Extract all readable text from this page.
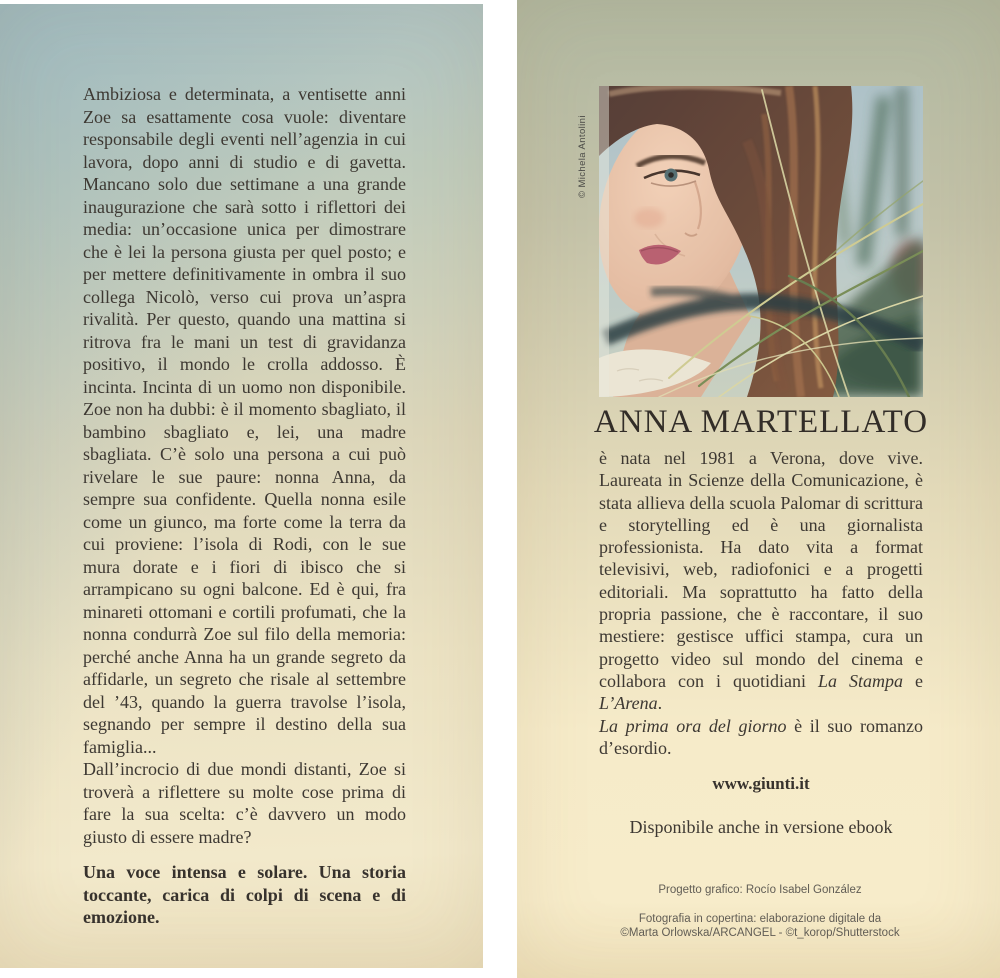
Ambiziosa e determinata, a ventisette anni Zoe sa esattamente cosa vuole: diventare responsabile degli eventi nell’agenzia in cui lavora, dopo anni di studio e di gavetta. Mancano solo due settimane a una grande inaugurazione che sarà sotto i riflettori dei media: un’occasione unica per dimostrare che è lei la persona giusta per quel posto; e per mettere definitivamente in ombra il suo collega Nicolò, verso cui prova un’aspra rivalità. Per questo, quando una mattina si ritrova fra le mani un test di gravidanza positivo, il mondo le crolla addosso. È incinta. Incinta di un uomo non disponibile. Zoe non ha dubbi: è il momento sbagliato, il bambino sbagliato e, lei, una madre sbagliata. C’è solo una persona a cui può rivelare le sue paure: nonna Anna, da sempre sua confidente. Quella nonna esile come un giunco, ma forte come la terra da cui proviene: l’isola di Rodi, con le sue mura dorate e i fiori di ibisco che si arrampicano su ogni balcone. Ed è qui, fra minareti ottomani e cortili profumati, che la nonna condurrà Zoe sul filo della memoria: perché anche Anna ha un grande segreto da affidarle, un segreto che risale al settembre del ’43, quando la guerra travolse l’isola, segnando per sempre il destino della sua famiglia...

Dall’incrocio di due mondi distanti, Zoe si troverà a riflettere su molte cose prima di fare la sua scelta: c’è davvero un modo giusto di essere madre?

Una voce intensa e solare. Una storia toccante, carica di colpi di scena e di emozione.

© Michela Antolini
ANNA MARTELLATO

è nata nel 1981 a Verona, dove vive. Laureata in Scienze della Comunicazione, è stata allieva della scuola Palomar di scrittura e storytelling ed è una giornalista professionista. Ha dato vita a format televisivi, web, radiofonici e a progetti editoriali. Ma soprattutto ha fatto della propria passione, che è raccontare, il suo mestiere: gestisce uffici stampa, cura un progetto video sul mondo del cinema e collabora con i quotidiani La Stampa e L’Arena.
La prima ora del giorno è il suo romanzo d’esordio.

www.giunti.it
Disponibile anche in versione ebook

Progetto grafico: Rocío Isabel González

Fotografia in copertina: elaborazione digitale da

©Marta Orlowska/ARCANGEL - ©t_korop/Shutterstock
